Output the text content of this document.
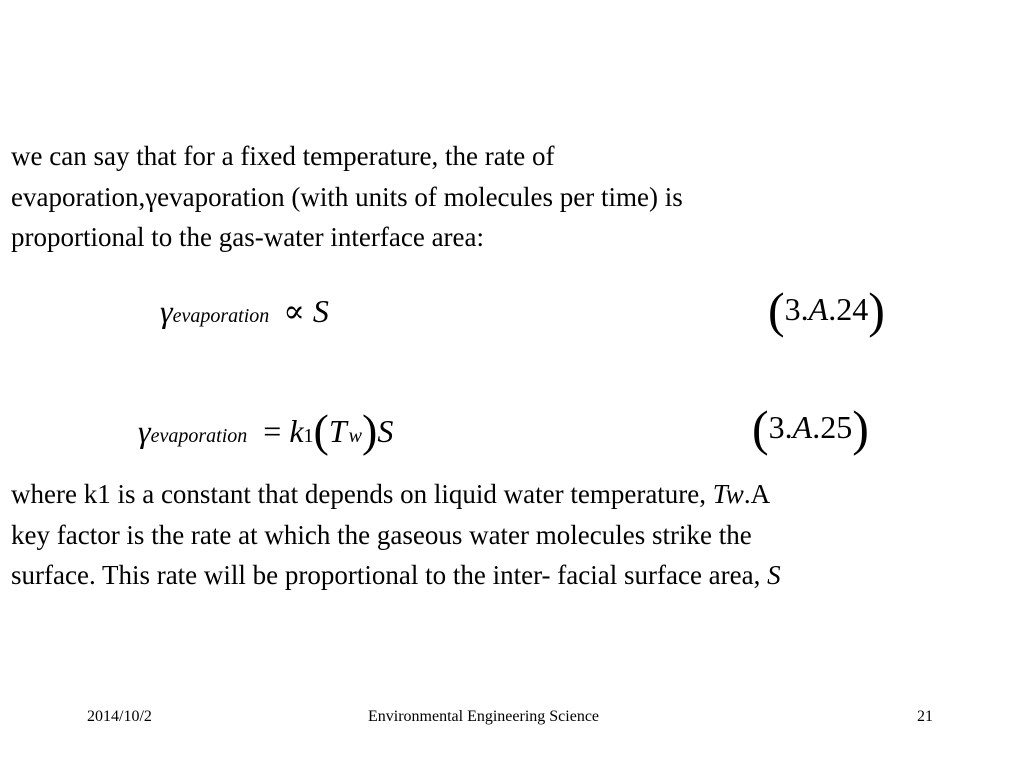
we can say that for a fixed temperature, the rate of
evaporation,γevaporation (with units of molecules per time) is
proportional to the gas-water interface area:
γevaporation ∝ S	(3.A.24)
γevaporation = k1(T w)S	(3.A.25)
where k1 is a constant that depends on liquid water temperature, Tw.A
key factor is the rate at which the gaseous water molecules strike the
surface. This rate will be proportional to the inter- facial surface area, S
2014/10/2	Environmental Engineering Science	21
